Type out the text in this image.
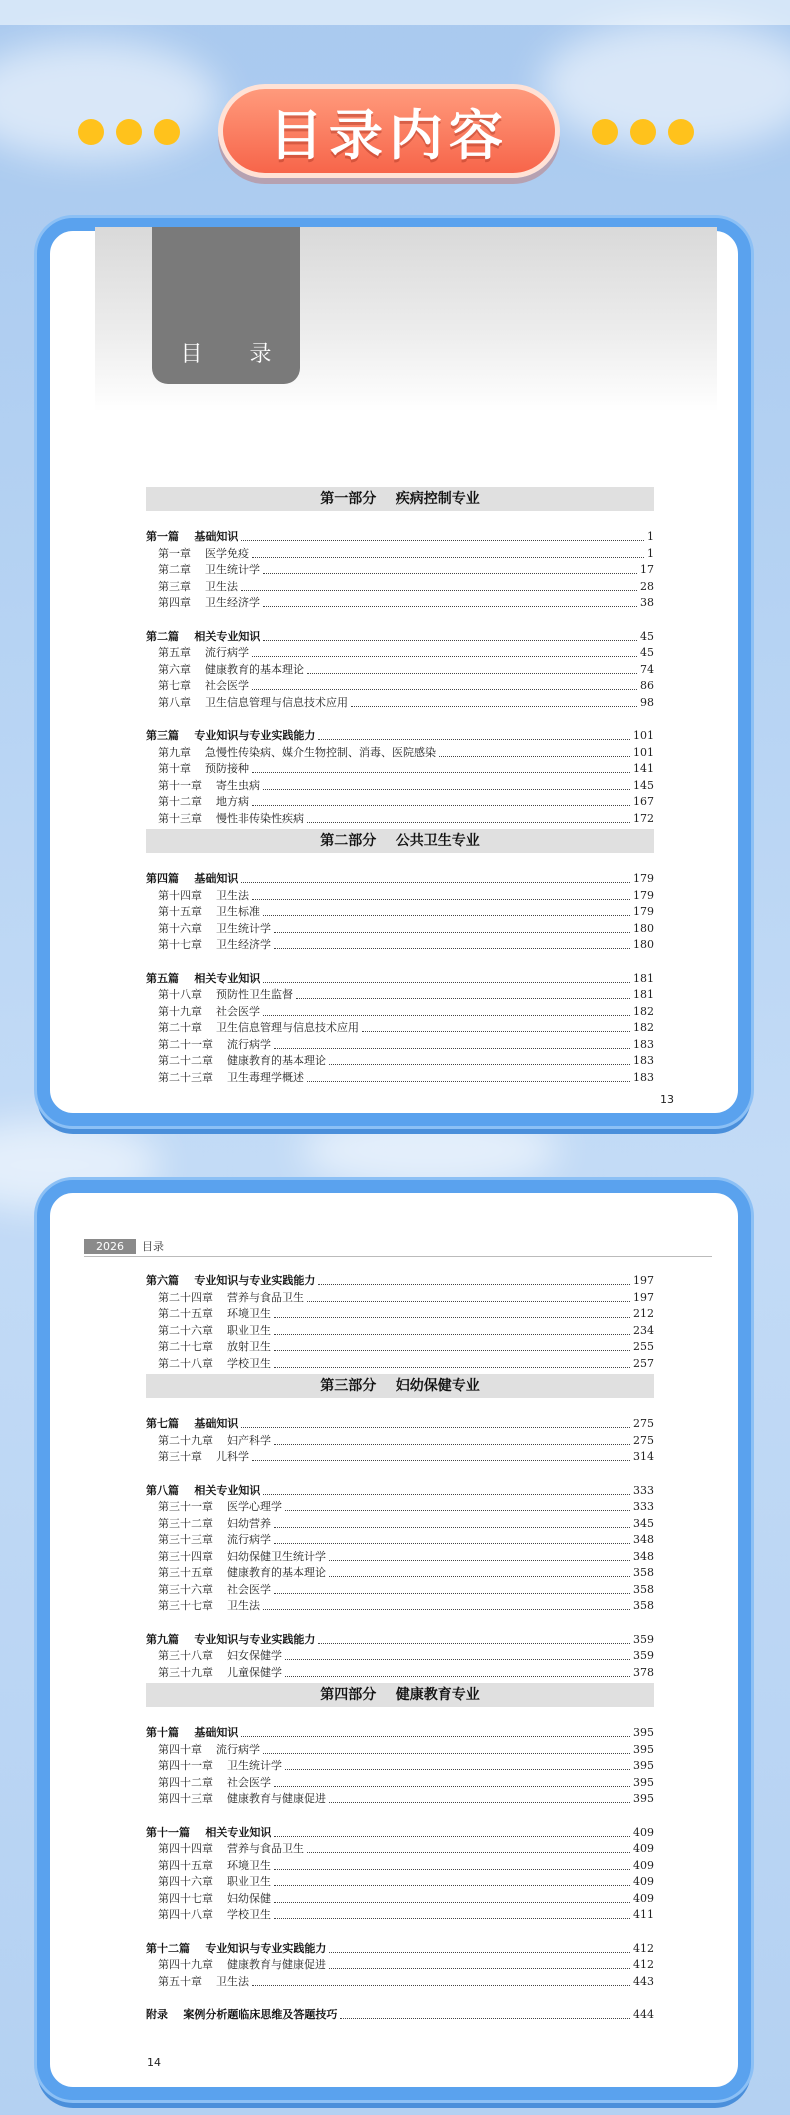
目录内容
目 录
第一部分    疾病控制专业
第一篇    基础知识	1
第一章    医学免疫	1
第二章    卫生统计学	17
第三章    卫生法	28
第四章    卫生经济学	38
第二篇    相关专业知识	45
第五章    流行病学	45
第六章    健康教育的基本理论	74
第七章    社会医学	86
第八章    卫生信息管理与信息技术应用	98
第三篇    专业知识与专业实践能力	101
第九章    急慢性传染病、媒介生物控制、消毒、医院感染	101
第十章    预防接种	141
第十一章    寄生虫病	145
第十二章    地方病	167
第十三章    慢性非传染性疾病	172
第二部分    公共卫生专业
第四篇    基础知识	179
第十四章    卫生法	179
第十五章    卫生标准	179
第十六章    卫生统计学	180
第十七章    卫生经济学	180
第五篇    相关专业知识	181
第十八章    预防性卫生监督	181
第十九章    社会医学	182
第二十章    卫生信息管理与信息技术应用	182
第二十一章    流行病学	183
第二十二章    健康教育的基本理论	183
第二十三章    卫生毒理学概述	183
13
2026	目录
第六篇    专业知识与专业实践能力	197
第二十四章    营养与食品卫生	197
第二十五章    环境卫生	212
第二十六章    职业卫生	234
第二十七章    放射卫生	255
第二十八章    学校卫生	257
第三部分    妇幼保健专业
第七篇    基础知识	275
第二十九章    妇产科学	275
第三十章    儿科学	314
第八篇    相关专业知识	333
第三十一章    医学心理学	333
第三十二章    妇幼营养	345
第三十三章    流行病学	348
第三十四章    妇幼保健卫生统计学	348
第三十五章    健康教育的基本理论	358
第三十六章    社会医学	358
第三十七章    卫生法	358
第九篇    专业知识与专业实践能力	359
第三十八章    妇女保健学	359
第三十九章    儿童保健学	378
第四部分    健康教育专业
第十篇    基础知识	395
第四十章    流行病学	395
第四十一章    卫生统计学	395
第四十二章    社会医学	395
第四十三章    健康教育与健康促进	395
第十一篇    相关专业知识	409
第四十四章    营养与食品卫生	409
第四十五章    环境卫生	409
第四十六章    职业卫生	409
第四十七章    妇幼保健	409
第四十八章    学校卫生	411
第十二篇    专业知识与专业实践能力	412
第四十九章    健康教育与健康促进	412
第五十章    卫生法	443
附录    案例分析题临床思维及答题技巧	444
14
